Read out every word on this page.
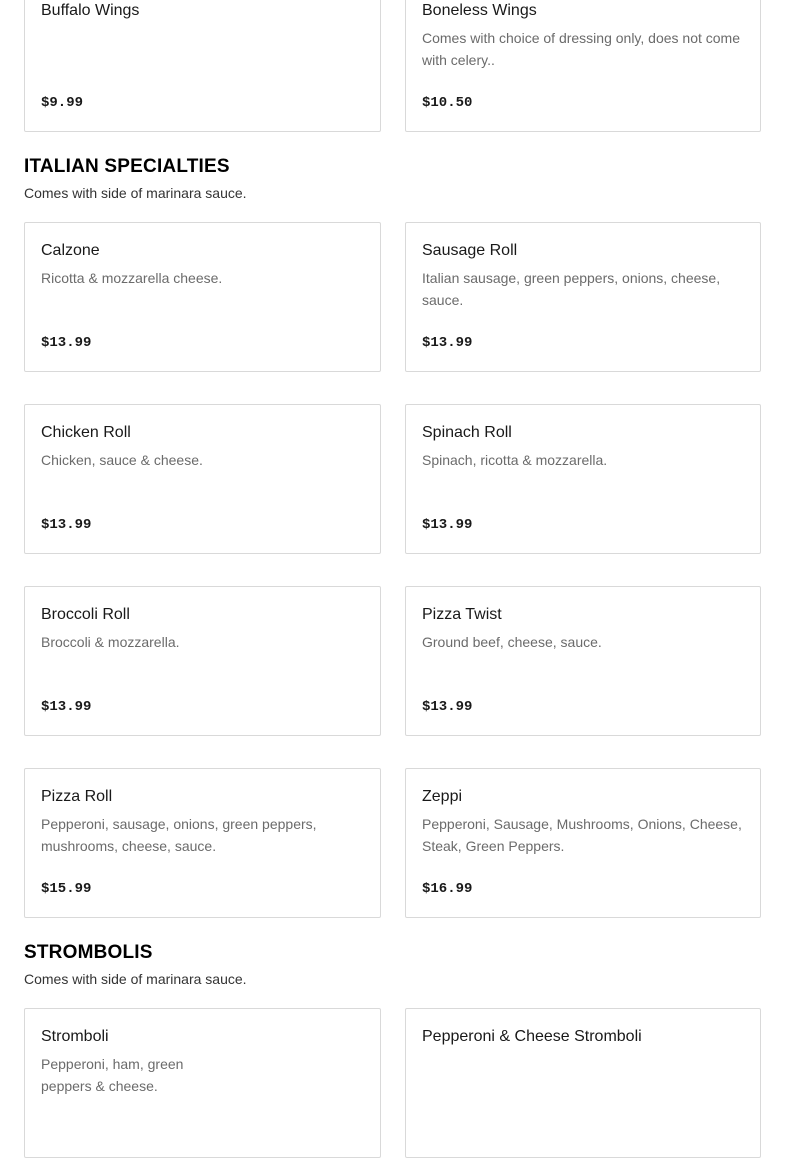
Buffalo Wings
$9.99
Boneless Wings
Comes with choice of dressing only, does not come with celery..
$10.50
ITALIAN SPECIALTIES

Comes with side of marinara sauce.

Calzone
Ricotta & mozzarella cheese.
$13.99
Sausage Roll
Italian sausage, green peppers, onions, cheese, sauce.
$13.99
Chicken Roll
Chicken, sauce & cheese.
$13.99
Spinach Roll
Spinach, ricotta & mozzarella.
$13.99
Broccoli Roll
Broccoli & mozzarella.
$13.99
Pizza Twist
Ground beef, cheese, sauce.
$13.99
Pizza Roll
Pepperoni, sausage, onions, green peppers, mushrooms, cheese, sauce.
$15.99
Zeppi
Pepperoni, Sausage, Mushrooms, Onions, Cheese, Steak, Green Peppers.
$16.99
STROMBOLIS

Comes with side of marinara sauce.

Stromboli
Pepperoni, ham, green peppers & cheese.
Pepperoni & Cheese Stromboli
